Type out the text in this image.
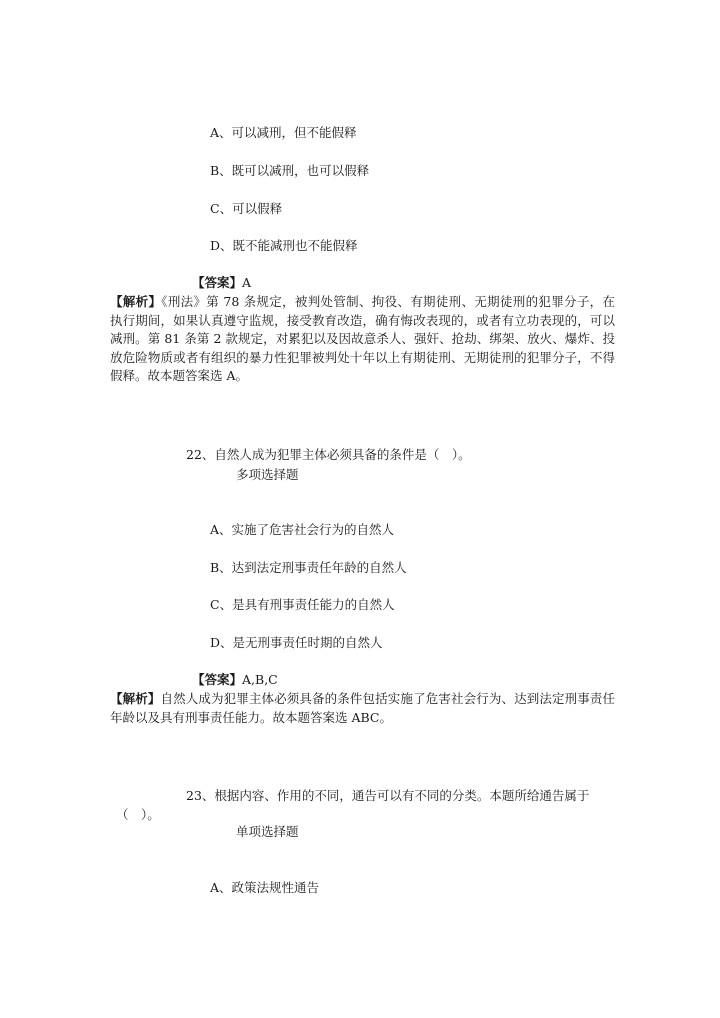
A、可以减刑，但不能假释
B、既可以减刑，也可以假释
C、可以假释
D、既不能减刑也不能假释
【答案】A
【解析】《刑法》第 78 条规定，被判处管制、拘役、有期徒刑、无期徒刑的犯罪分子，在执行期间，如果认真遵守监规，接受教育改造，确有悔改表现的，或者有立功表现的，可以减刑。第 81 条第 2 款规定，对累犯以及因故意杀人、强奸、抢劫、绑架、放火、爆炸、投放危险物质或者有组织的暴力性犯罪被判处十年以上有期徒刑、无期徒刑的犯罪分子，不得假释。故本题答案选 A。
22、自然人成为犯罪主体必须具备的条件是（　）。
多项选择题
A、实施了危害社会行为的自然人
B、达到法定刑事责任年龄的自然人
C、是具有刑事责任能力的自然人
D、是无刑事责任时期的自然人
【答案】A,B,C
【解析】自然人成为犯罪主体必须具备的条件包括实施了危害社会行为、达到法定刑事责任年龄以及具有刑事责任能力。故本题答案选 ABC。
23、根据内容、作用的不同，通告可以有不同的分类。本题所给通告属于（　）。
单项选择题
A、政策法规性通告
